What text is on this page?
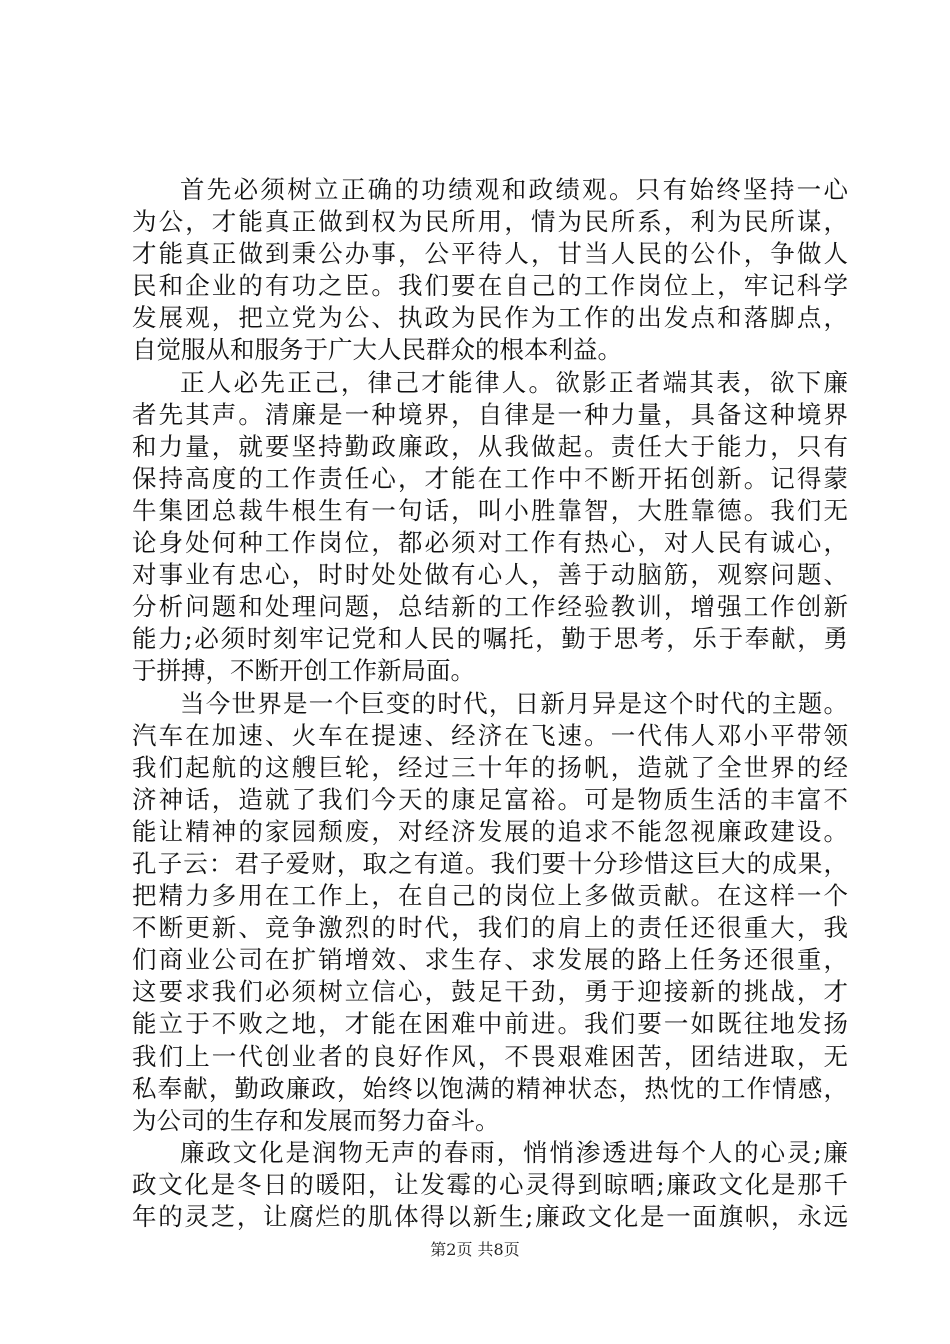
首先必须树立正确的功绩观和政绩观。只有始终坚持一心
为公，才能真正做到权为民所用，情为民所系，利为民所谋，
才能真正做到秉公办事，公平待人，甘当人民的公仆，争做人
民和企业的有功之臣。我们要在自己的工作岗位上，牢记科学
发展观，把立党为公、执政为民作为工作的出发点和落脚点，
自觉服从和服务于广大人民群众的根本利益。
正人必先正己，律己才能律人。欲影正者端其表，欲下廉
者先其声。清廉是一种境界，自律是一种力量，具备这种境界
和力量，就要坚持勤政廉政，从我做起。责任大于能力，只有
保持高度的工作责任心，才能在工作中不断开拓创新。记得蒙
牛集团总裁牛根生有一句话，叫小胜靠智，大胜靠德。我们无
论身处何种工作岗位，都必须对工作有热心，对人民有诚心，
对事业有忠心，时时处处做有心人，善于动脑筋，观察问题、
分析问题和处理问题，总结新的工作经验教训，增强工作创新
能力;必须时刻牢记党和人民的嘱托，勤于思考，乐于奉献，勇
于拼搏，不断开创工作新局面。
当今世界是一个巨变的时代，日新月异是这个时代的主题。
汽车在加速、火车在提速、经济在飞速。一代伟人邓小平带领
我们起航的这艘巨轮，经过三十年的扬帆，造就了全世界的经
济神话，造就了我们今天的康足富裕。可是物质生活的丰富不
能让精神的家园颓废，对经济发展的追求不能忽视廉政建设。
孔子云：君子爱财，取之有道。我们要十分珍惜这巨大的成果，
把精力多用在工作上，在自己的岗位上多做贡献。在这样一个
不断更新、竞争激烈的时代，我们的肩上的责任还很重大，我
们商业公司在扩销增效、求生存、求发展的路上任务还很重，
这要求我们必须树立信心，鼓足干劲，勇于迎接新的挑战，才
能立于不败之地，才能在困难中前进。我们要一如既往地发扬
我们上一代创业者的良好作风，不畏艰难困苦，团结进取，无
私奉献，勤政廉政，始终以饱满的精神状态，热忱的工作情感，
为公司的生存和发展而努力奋斗。
廉政文化是润物无声的春雨，悄悄渗透进每个人的心灵;廉
政文化是冬日的暖阳，让发霉的心灵得到晾晒;廉政文化是那千
年的灵芝，让腐烂的肌体得以新生;廉政文化是一面旗帜，永远
第2页 共8页
